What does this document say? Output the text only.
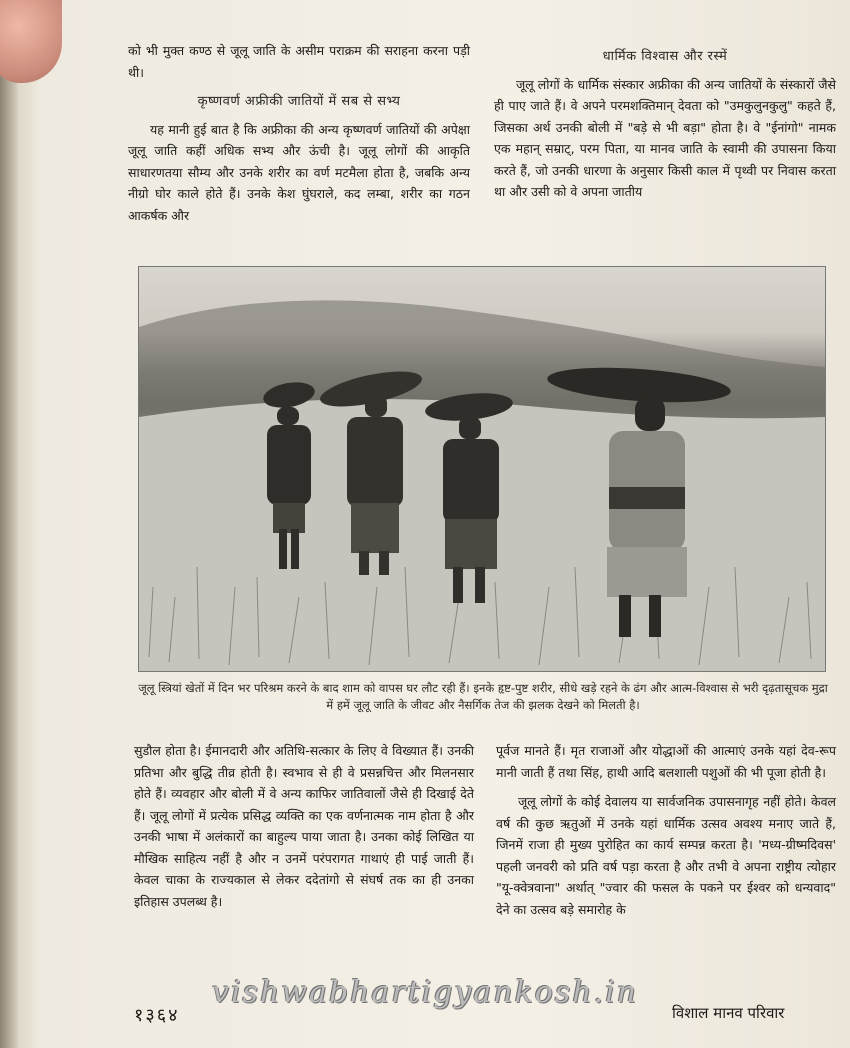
को भी मुक्त कण्ठ से जूलू जाति के असीम पराक्रम की सराहना करना पड़ी थी।

कृष्णवर्ण अफ्रीकी जातियों में सब से सभ्य

यह मानी हुई बात है कि अफ्रीका की अन्य कृष्णवर्ण जातियों की अपेक्षा जूलू जाति कहीं अधिक सभ्य और ऊंची है। जूलू लोगों की आकृति साधारणतया सौम्य और उनके शरीर का वर्ण मटमैला होता है, जबकि अन्य नीग्रो घोर काले होते हैं। उनके केश घुंघराले, कद लम्बा, शरीर का गठन आकर्षक और

धार्मिक विश्वास और रस्में

जूलू लोगों के धार्मिक संस्कार अफ्रीका की अन्य जातियों के संस्कारों जैसे ही पाए जाते हैं। वे अपने परमशक्तिमान् देवता को "उमकुलुनकुलु" कहते हैं, जिसका अर्थ उनकी बोली में "बड़े से भी बड़ा" होता है। वे "ईनांगो" नामक एक महान् सम्राट्, परम पिता, या मानव जाति के स्वामी की उपासना किया करते हैं, जो उनकी धारणा के अनुसार किसी काल में पृथ्वी पर निवास करता था और उसी को वे अपना जातीय

जूलू स्त्रियां खेतों में दिन भर परिश्रम करने के बाद शाम को वापस घर लौट रही हैं। इनके हृष्ट-पुष्ट शरीर, सीधे खड़े रहने के ढंग और आत्म-विश्वास से भरी दृढ़तासूचक मुद्रा में हमें जूलू जाति के जीवट और नैसर्गिक तेज की झलक देखने को मिलती है।

सुडौल होता है। ईमानदारी और अतिथि-सत्कार के लिए वे विख्यात हैं। उनकी प्रतिभा और बुद्धि तीव्र होती है। स्वभाव से ही वे प्रसन्नचित्त और मिलनसार होते हैं। व्यवहार और बोली में वे अन्य काफिर जातिवालों जैसे ही दिखाई देते हैं। जूलू लोगों में प्रत्येक प्रसिद्ध व्यक्ति का एक वर्णनात्मक नाम होता है और उनकी भाषा में अलंकारों का बाहुल्य पाया जाता है। उनका कोई लिखित या मौखिक साहित्य नहीं है और न उनमें परंपरागत गाथाएं ही पाई जाती हैं। केवल चाका के राज्यकाल से लेकर ददेतांगो से संघर्ष तक का ही उनका इतिहास उपलब्ध है।

पूर्वज मानते हैं। मृत राजाओं और योद्धाओं की आत्माएं उनके यहां देव-रूप मानी जाती हैं तथा सिंह, हाथी आदि बलशाली पशुओं की भी पूजा होती है।

जूलू लोगों के कोई देवालय या सार्वजनिक उपासनागृह नहीं होते। केवल वर्ष की कुछ ऋतुओं में उनके यहां धार्मिक उत्सव अवश्य मनाए जाते हैं, जिनमें राजा ही मुख्य पुरोहित का कार्य सम्पन्न करता है। 'मध्य-ग्रीष्मदिवस' पहली जनवरी को प्रति वर्ष पड़ा करता है और तभी वे अपना राष्ट्रीय त्योहार "यू-क्वेत्रवाना" अर्थात् "ज्वार की फसल के पकने पर ईश्वर को धन्यवाद" देने का उत्सव बड़े समारोह के

१३६४	विशाल मानव परिवार
vishwabhartigyankosh.in
